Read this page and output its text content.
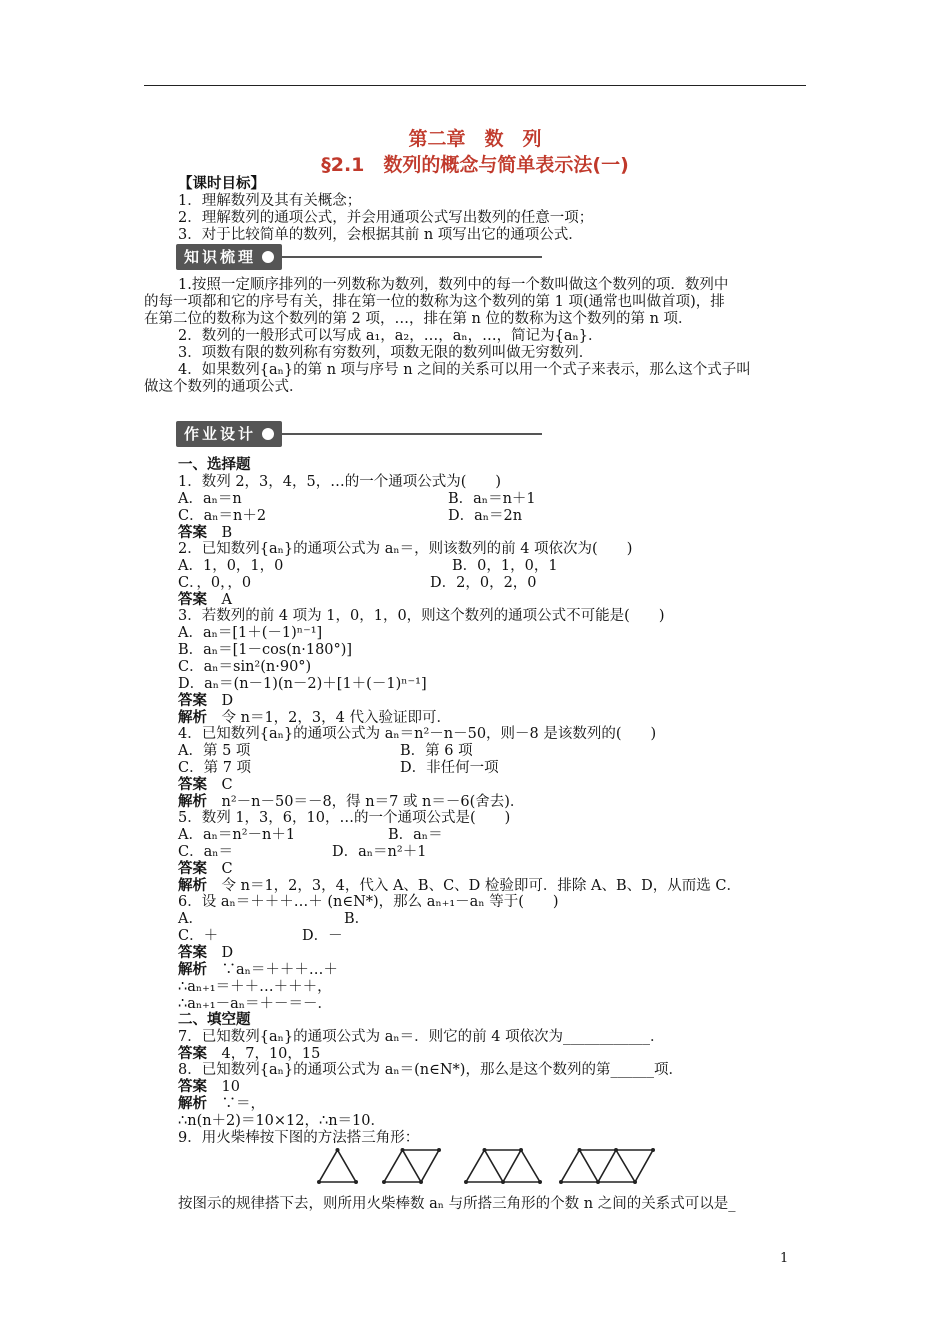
第二章　数　列
§2.1　数列的概念与简单表示法(一)
【课时目标】
1．理解数列及其有关概念；
2．理解数列的通项公式，并会用通项公式写出数列的任意一项；
3．对于比较简单的数列，会根据其前 n 项写出它的通项公式．
知识梳理
1.按照一定顺序排列的一列数称为数列，数列中的每一个数叫做这个数列的项．数列中
的每一项都和它的序号有关，排在第一位的数称为这个数列的第 1 项(通常也叫做首项)，排
在第二位的数称为这个数列的第 2 项，…，排在第 n 位的数称为这个数列的第 n 项．
2．数列的一般形式可以写成 a₁，a₂，…，aₙ，…，简记为{aₙ}．
3．项数有限的数列称有穷数列，项数无限的数列叫做无穷数列．
4．如果数列{aₙ}的第 n 项与序号 n 之间的关系可以用一个式子来表示，那么这个式子叫
做这个数列的通项公式．
作业设计
一、选择题
1．数列 2，3，4，5，…的一个通项公式为(　　)
A．aₙ＝n	B．aₙ＝n＋1
C．aₙ＝n＋2	D．aₙ＝2n
答案　 B
2．已知数列{aₙ}的通项公式为 aₙ＝，则该数列的前 4 项依次为(　　)
A．1，0，1，0	B．0，1，0，1
C．，0，，0	D．2，0，2，0
答案　 A
3．若数列的前 4 项为 1，0，1，0，则这个数列的通项公式不可能是(　　)
A．aₙ＝[1＋(－1)ⁿ⁻¹]
B．aₙ＝[1－cos(n·180°)]
C．aₙ＝sin²(n·90°)
D．aₙ＝(n－1)(n－2)＋[1＋(－1)ⁿ⁻¹]
答案　 D
解析　 令 n＝1，2，3，4 代入验证即可．
4．已知数列{aₙ}的通项公式为 aₙ＝n²－n－50，则－8 是该数列的(　　)
A．第 5 项	B．第 6 项
C．第 7 项	D．非任何一项
答案　 C
解析　 n²－n－50＝－8，得 n＝7 或 n＝－6(舍去)．
5．数列 1，3，6，10，…的一个通项公式是(　　)
A．aₙ＝n²－n＋1	B．aₙ＝
C．aₙ＝	D．aₙ＝n²＋1
答案　 C
解析　 令 n＝1，2，3，4，代入 A、B、C、D 检验即可．排除 A、B、D，从而选 C．
6．设 aₙ＝＋＋＋…＋ (n∈N*)，那么 aₙ₊₁－aₙ 等于(　　)
A．	B．
C．＋	D．－
答案　 D
解析　 ∵aₙ＝＋＋＋…＋
∴aₙ₊₁＝＋＋…＋＋＋，
∴aₙ₊₁－aₙ＝＋－＝－．
二、填空题
7．已知数列{aₙ}的通项公式为 aₙ＝．则它的前 4 项依次为____________．
答案　 4，7，10，15
8．已知数列{aₙ}的通项公式为 aₙ＝(n∈N*)，那么是这个数列的第______项．
答案　 10
解析　 ∵＝，
∴n(n＋2)＝10×12，∴n＝10．
9．用火柴棒按下图的方法搭三角形：
按图示的规律搭下去，则所用火柴棒数 aₙ 与所搭三角形的个数 n 之间的关系式可以是_
1
